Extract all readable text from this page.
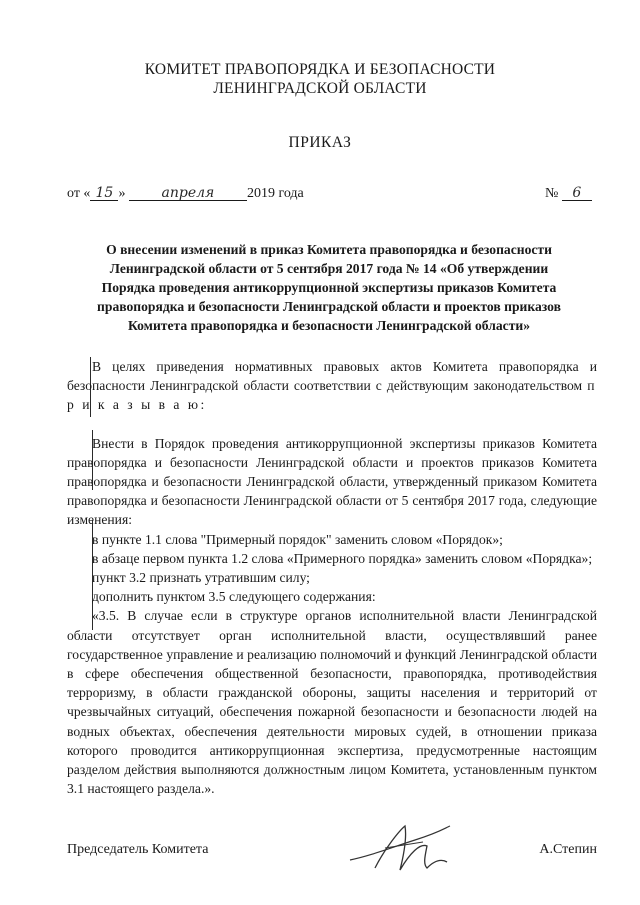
КОМИТЕТ ПРАВОПОРЯДКА И БЕЗОПАСНОСТИ
ЛЕНИНГРАДСКОЙ ОБЛАСТИ
ПРИКАЗ
от « 15 »	апреля 2019 года	№ 6
О внесении изменений в приказ Комитета правопорядка и безопасности Ленинградской области от 5 сентября 2017 года № 14 «Об утверждении Порядка проведения антикоррупционной экспертизы приказов Комитета правопорядка и безопасности Ленинградской области и проектов приказов Комитета правопорядка и безопасности Ленинградской области»

В целях приведения нормативных правовых актов Комитета правопорядка и безопасности Ленинградской области соответствии с действующим законодательством п р и к а з ы в а ю:

Внести в Порядок проведения антикоррупционной экспертизы приказов Комитета правопорядка и безопасности Ленинградской области и проектов приказов Комитета правопорядка и безопасности Ленинградской области, утвержденный приказом Комитета правопорядка и безопасности Ленинградской области от 5 сентября 2017 года, следующие изменения:

в пункте 1.1 слова "Примерный порядок" заменить словом «Порядок»;

в абзаце первом пункта 1.2 слова «Примерного порядка» заменить словом «Порядка»;

пункт 3.2 признать утратившим силу;

дополнить пунктом 3.5 следующего содержания:

«3.5. В случае если в структуре органов исполнительной власти Ленинградской области отсутствует орган исполнительной власти, осуществлявший ранее государственное управление и реализацию полномочий и функций Ленинградской области в сфере обеспечения общественной безопасности, правопорядка, противодействия терроризму, в области гражданской обороны, защиты населения и территорий от чрезвычайных ситуаций, обеспечения пожарной безопасности и безопасности людей на водных объектах, обеспечения деятельности мировых судей, в отношении приказа которого проводится антикоррупционная экспертиза, предусмотренные настоящим разделом действия выполняются должностным лицом Комитета, установленным пунктом 3.1 настоящего раздела.».

Председатель Комитета	А.Степин
